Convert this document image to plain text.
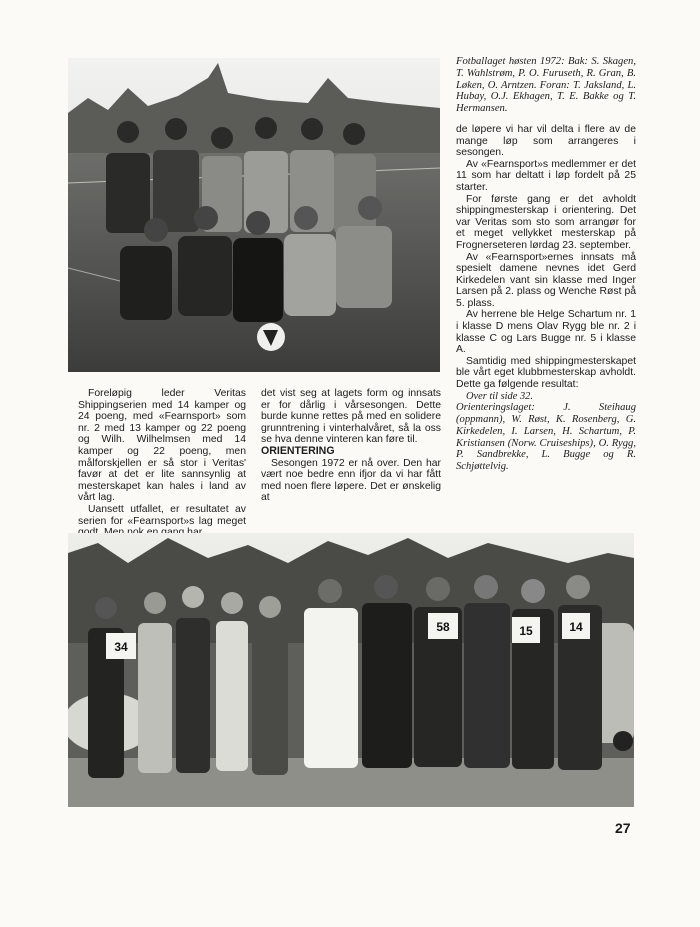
Fotballaget høsten 1972: Bak: S. Skagen, T. Wahlstrøm, P. O. Furuseth, R. Gran, B. Løken, O. Arntzen. Foran: T. Jaksland, L. Hubay, O.J. Ekhagen, T. E. Bakke og T. Hermansen.

de løpere vi har vil delta i flere av de mange løp som arrangeres i sesongen.

Av «Fearnsport»s medlemmer er det 11 som har deltatt i løp fordelt på 25 starter.

For første gang er det avholdt shippingmesterskap i orientering. Det var Veritas som sto som arrangør for et meget vellykket mesterskap på Frognerseteren lørdag 23. september.

Av «Fearnsport»ernes innsats må spesielt damene nevnes idet Gerd Kirkedelen vant sin klasse med Inger Larsen på 2. plass og Wenche Røst på 5. plass.

Av herrene ble Helge Schartum nr. 1 i klasse D mens Olav Rygg ble nr. 2 i klasse C og Lars Bugge nr. 5 i klasse A.

Samtidig med shippingmesterskapet ble vårt eget klubbmesterskap avholdt. Dette ga følgende resultat:

Over til side 32.

Orienteringslaget: J. Steihaug (oppmann), W. Røst, K. Rosenberg, G. Kirkedelen, I. Larsen, H. Schartum, P. Kristiansen (Norw. Cruiseships), O. Rygg, P. Sandbrekke, L. Bugge og R. Schjøttelvig.

Foreløpig leder Veritas Shippingserien med 14 kamper og 24 poeng, med «Fearnsport» som nr. 2 med 13 kamper og 22 poeng og Wilh. Wilhelmsen med 14 kamper og 22 poeng, men målforskjellen er så stor i Veritas' favør at det er lite sannsynlig at mesterskapet kan hales i land av vårt lag.

Uansett utfallet, er resultatet av serien for «Fearnsport»s lag meget

det vist seg at lagets form og innsats er for dårlig i vårsesongen. Dette burde kunne rettes på med en solidere grunntrening i vinterhalvåret, så la oss se hva denne vinteren kan føre til.

ORIENTERING

Sesongen 1972 er nå over. Den har vært noe bedre enn ifjor da vi har fått med noen flere løpere. Det er ønskelig at

34
58	15	14
27
